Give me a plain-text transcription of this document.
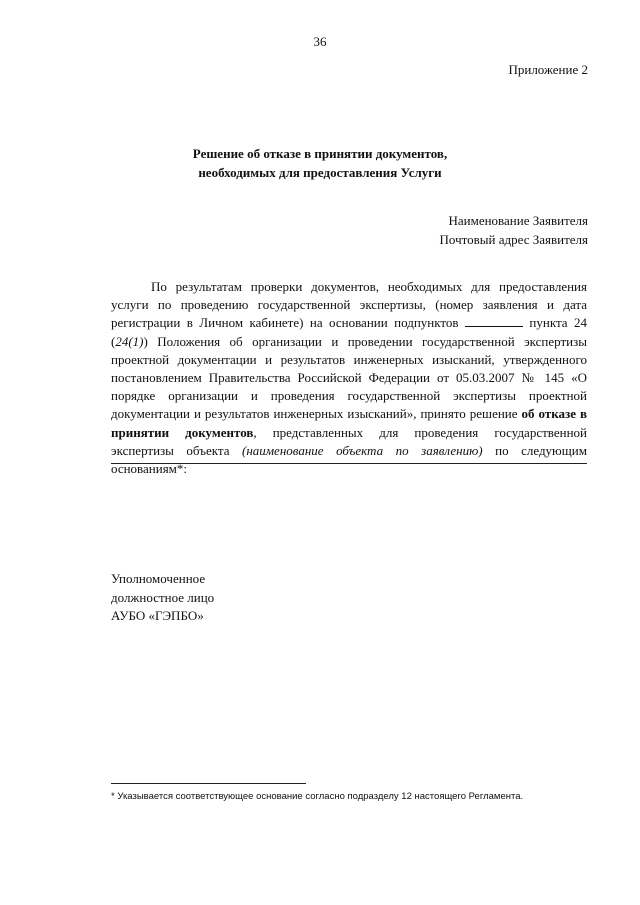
36
Приложение 2
Решение об отказе в принятии документов,
необходимых для предоставления Услуги
Наименование Заявителя
Почтовый адрес Заявителя

По результатам проверки документов, необходимых для предоставления услуги по проведению государственной экспертизы, (номер заявления и дата регистрации в Личном кабинете) на основании подпунктов	пункта 24 (24(1)) Положения об организации и проведении государственной экспертизы проектной документации и результатов инженерных изысканий, утвержденного постановлением Правительства Российской Федерации от 05.03.2007 № 145 «О порядке организации и проведения государственной экспертизы проектной документации и результатов инженерных изысканий», принято решение об отказе в принятии документов, представленных для проведения государственной экспертизы объекта (наименование объекта по заявлению) по следующим основаниям*:

Уполномоченное
должностное лицо
АУБО «ГЭПБО»
* Указывается соответствующее основание согласно подразделу 12 настоящего Регламента.
